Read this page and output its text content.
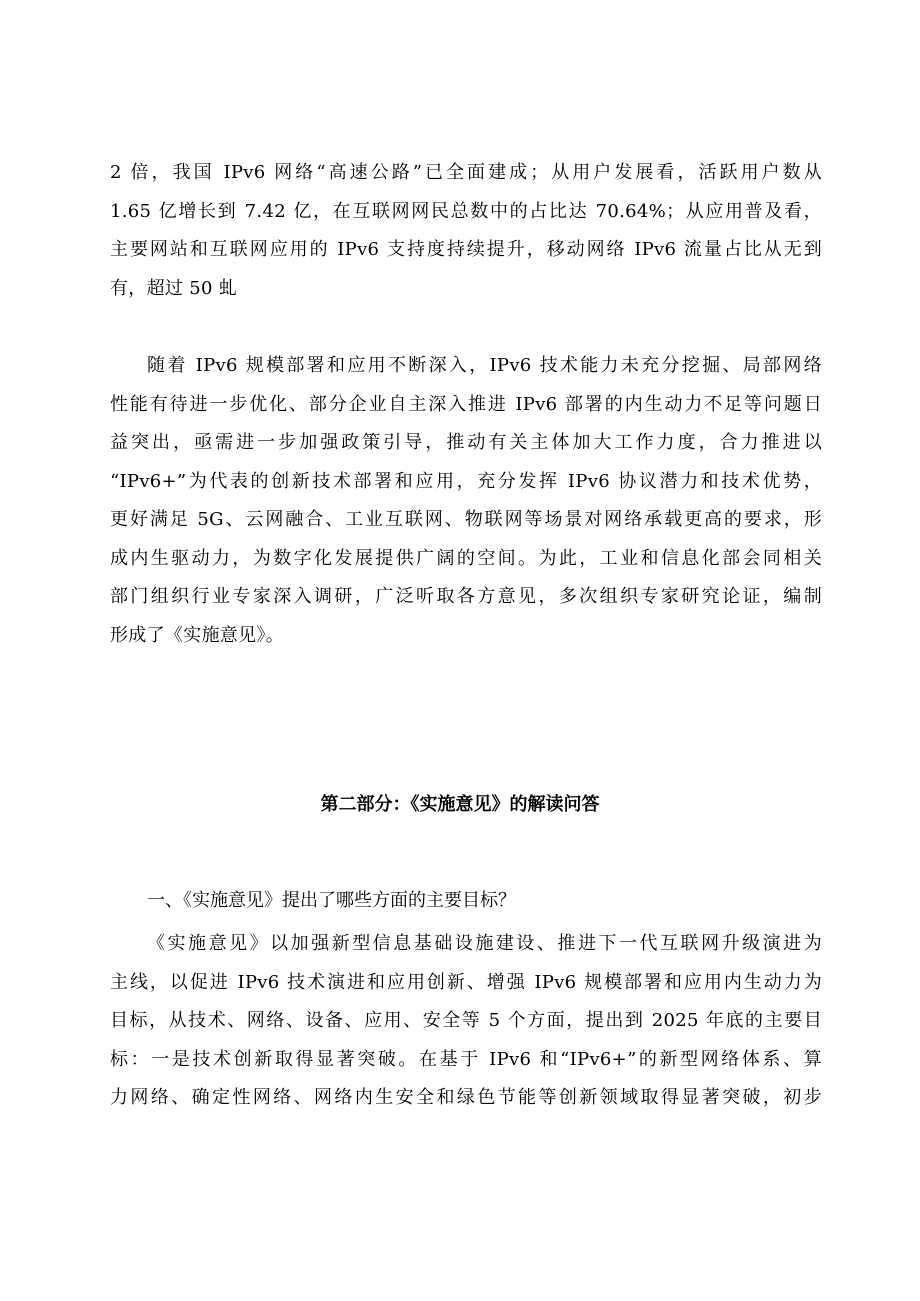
2 倍，我国 IPv6 网络“高速公路”已全面建成；从用户发展看，活跃用户数从
1.65 亿增长到 7.42 亿，在互联网网民总数中的占比达 70.64%；从应用普及看，
主要网站和互联网应用的 IPv6 支持度持续提升，移动网络 IPv6 流量占比从无到
有，超过 50 虬
随着 IPv6 规模部署和应用不断深入，IPv6 技术能力未充分挖掘、局部网络
性能有待进一步优化、部分企业自主深入推进 IPv6 部署的内生动力不足等问题日
益突出，亟需进一步加强政策引导，推动有关主体加大工作力度，合力推进以
“IPv6+”为代表的创新技术部署和应用，充分发挥 IPv6 协议潜力和技术优势，
更好满足 5G、云网融合、工业互联网、物联网等场景对网络承载更高的要求，形
成内生驱动力，为数字化发展提供广阔的空间。为此，工业和信息化部会同相关
部门组织行业专家深入调研，广泛听取各方意见，多次组织专家研究论证，编制
形成了《实施意见》。
第二部分：《实施意见》的解读问答

一、《实施意见》提出了哪些方面的主要目标？

《实施意见》以加强新型信息基础设施建设、推进下一代互联网升级演进为
主线，以促进 IPv6 技术演进和应用创新、增强 IPv6 规模部署和应用内生动力为
目标，从技术、网络、设备、应用、安全等 5 个方面，提出到 2025 年底的主要目
标：一是技术创新取得显著突破。在基于 IPv6 和“IPv6+”的新型网络体系、算
力网络、确定性网络、网络内生安全和绿色节能等创新领域取得显著突破，初步
